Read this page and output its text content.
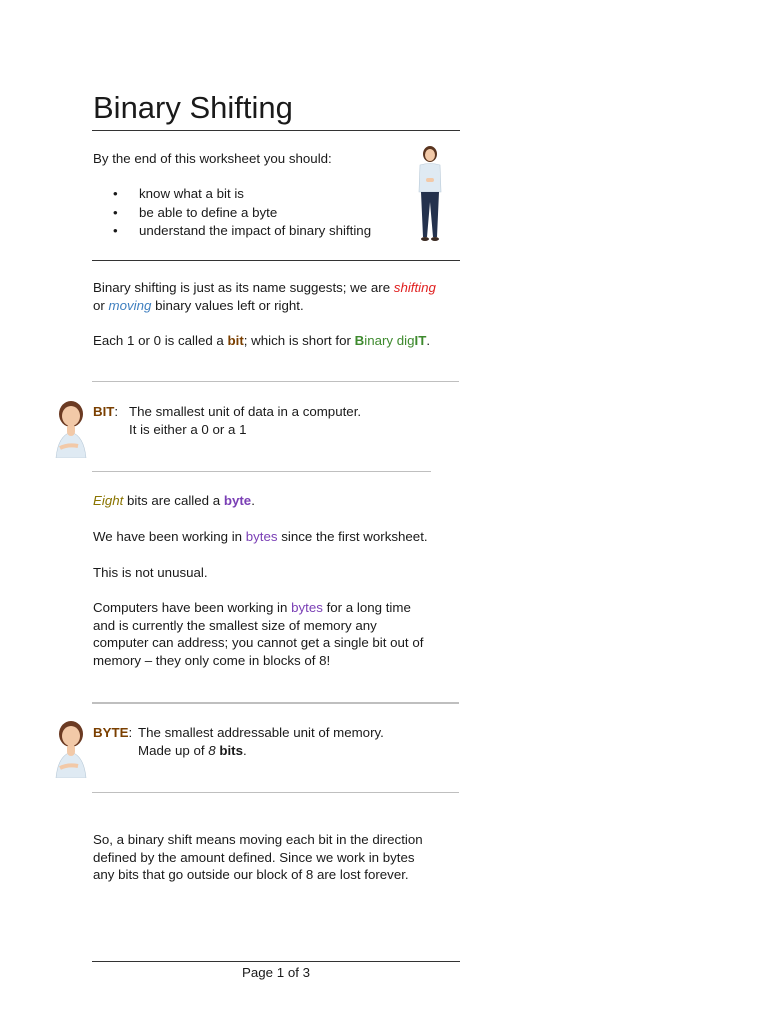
Binary Shifting
By the end of this worksheet you should:
• know what a bit is
• be able to define a byte
• understand the impact of binary shifting
Binary shifting is just as its name suggests; we are shifting
or moving binary values left or right.
Each 1 or 0 is called a bit; which is short for Binary digIT.
BIT: The smallest unit of data in a computer.
It is either a 0 or a 1
Eight bits are called a byte.
We have been working in bytes since the first worksheet.
This is not unusual.
Computers have been working in bytes for a long time
and is currently the smallest size of memory any
computer can address; you cannot get a single bit out of
memory – they only come in blocks of 8!
BYTE: The smallest addressable unit of memory.
Made up of 8 bits.
So, a binary shift means moving each bit in the direction
defined by the amount defined. Since we work in bytes
any bits that go outside our block of 8 are lost forever.
Page 1 of 3
